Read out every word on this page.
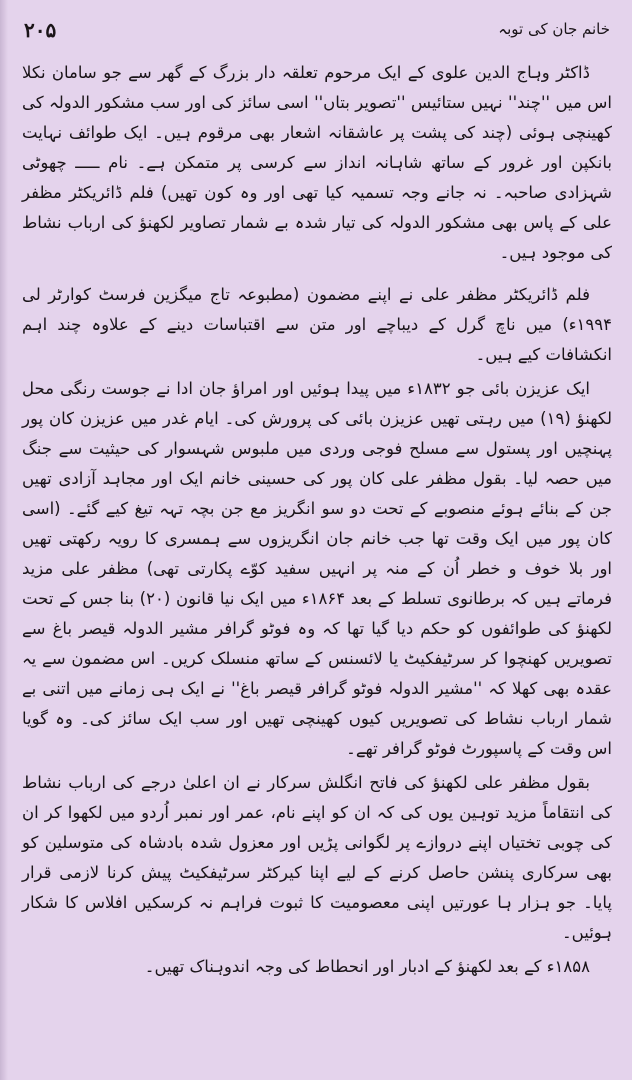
۲۰۵	خانم جان کی توبہ

ڈاکٹر وہاج الدین علوی کے ایک مرحوم تعلقہ دار بزرگ کے گھر سے جو سامان نکلا اس میں ''چند'' نہیں ستائیس ''تصویر بتاں'' اسی سائز کی اور سب مشکور الدولہ کی کھینچی ہوئی (چند کی پشت پر عاشقانہ اشعار بھی مرقوم ہیں۔ ایک طوائف نہایت بانکپن اور غرور کے ساتھ شاہانہ انداز سے کرسی پر متمکن ہے۔ نام ـــــ چھوٹی شہزادی صاحبہ۔ نہ جانے وجہ تسمیہ کیا تھی اور وہ کون تھیں) فلم ڈائریکٹر مظفر علی کے پاس بھی مشکور الدولہ کی تیار شدہ بے شمار تصاویر لکھنؤ کی ارباب نشاط کی موجود ہیں۔

فلم ڈائریکٹر مظفر علی نے اپنے مضمون (مطبوعہ تاج میگزین فرسٹ کوارٹر لی ۱۹۹۴ء) میں ناچ گرل کے دیباچے اور متن سے اقتباسات دینے کے علاوہ چند اہم انکشافات کیے ہیں۔

ایک عزیزن بائی جو ۱۸۳۲ء میں پیدا ہوئیں اور امراؤ جان ادا نے جوست رنگی محل لکھنؤ (۱۹) میں رہتی تھیں عزیزن بائی کی پرورش کی۔ ایام غدر میں عزیزن کان پور پہنچیں اور پستول سے مسلح فوجی وردی میں ملبوس شہسوار کی حیثیت سے جنگ میں حصہ لیا۔ بقول مظفر علی کان پور کی حسینی خانم ایک اور مجاہد آزادی تھیں جن کے بنائے ہوئے منصوبے کے تحت دو سو انگریز مع جن بچہ تہہ تیغ کیے گئے۔ (اسی کان پور میں ایک وقت تھا جب خانم جان انگریزوں سے ہمسری کا رویہ رکھتی تھیں اور بلا خوف و خطر اُن کے منہ پر انہیں سفید کوّے پکارتی تھی) مظفر علی مزید فرماتے ہیں کہ برطانوی تسلط کے بعد ۱۸۶۴ء میں ایک نیا قانون (۲۰) بنا جس کے تحت لکھنؤ کی طوائفوں کو حکم دیا گیا تھا کہ وہ فوٹو گرافر مشیر الدولہ قیصر باغ سے تصویریں کھنچوا کر سرٹیفکیٹ یا لائسنس کے ساتھ منسلک کریں۔ اس مضمون سے یہ عقدہ بھی کھلا کہ ''مشیر الدولہ فوٹو گرافر قیصر باغ'' نے ایک ہی زمانے میں اتنی بے شمار ارباب نشاط کی تصویریں کیوں کھینچی تھیں اور سب ایک سائز کی۔ وہ گویا اس وقت کے پاسپورٹ فوٹو گرافر تھے۔

بقول مظفر علی لکھنؤ کی فاتح انگلش سرکار نے ان اعلیٰ درجے کی ارباب نشاط کی انتقاماً مزید توہین یوں کی کہ ان کو اپنے نام، عمر اور نمبر اُردو میں لکھوا کر ان کی چوبی تختیاں اپنے دروازے پر لگوانی پڑیں اور معزول شدہ بادشاہ کی متوسلین کو بھی سرکاری پنشن حاصل کرنے کے لیے اپنا کیرکٹر سرٹیفکیٹ پیش کرنا لازمی قرار پایا۔ جو ہزار ہا عورتیں اپنی معصومیت کا ثبوت فراہم نہ کرسکیں افلاس کا شکار ہوئیں۔

۱۸۵۸ء کے بعد لکھنؤ کے ادبار اور انحطاط کی وجہ اندوہناک تھیں۔
